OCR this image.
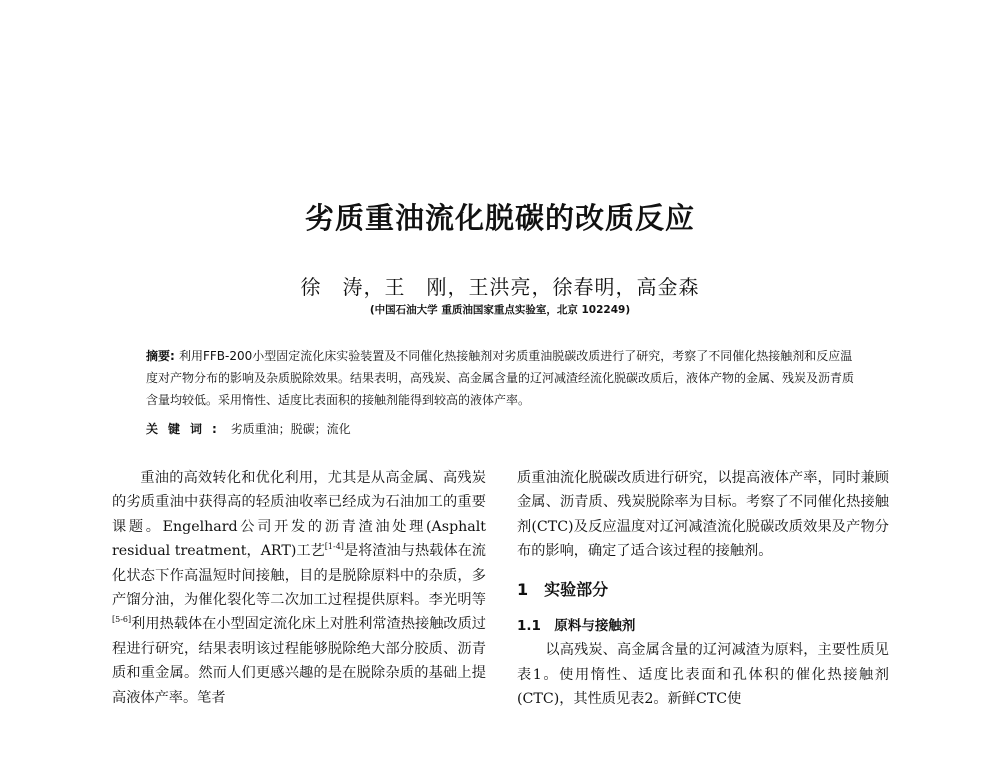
劣质重油流化脱碳的改质反应
徐　涛，王　刚，王洪亮，徐春明，高金森
(中国石油大学 重质油国家重点实验室，北京 102249)
摘要: 利用FFB-200小型固定流化床实验装置及不同催化热接触剂对劣质重油脱碳改质进行了研究，考察了不同催化热接触剂和反应温度对产物分布的影响及杂质脱除效果。结果表明，高残炭、高金属含量的辽河减渣经流化脱碳改质后，液体产物的金属、残炭及沥青质含量均较低。采用惰性、适度比表面积的接触剂能得到较高的液体产率。
关键词: 劣质重油；脱碳；流化

重油的高效转化和优化利用，尤其是从高金属、高残炭的劣质重油中获得高的轻质油收率已经成为石油加工的重要课题。Engelhard公司开发的沥青渣油处理(Asphalt residual treatment，ART)工艺[1-4]是将渣油与热载体在流化状态下作高温短时间接触，目的是脱除原料中的杂质，多产馏分油，为催化裂化等二次加工过程提供原料。李光明等[5-6]利用热载体在小型固定流化床上对胜利常渣热接触改质过程进行研究，结果表明该过程能够脱除绝大部分胶质、沥青质和重金属。然而人们更感兴趣的是在脱除杂质的基础上提高液体产率。笔者

质重油流化脱碳改质进行研究，以提高液体产率，同时兼顾金属、沥青质、残炭脱除率为目标。考察了不同催化热接触剂(CTC)及反应温度对辽河减渣流化脱碳改质效果及产物分布的影响，确定了适合该过程的接触剂。

1　实验部分
1.1　原料与接触剂

以高残炭、高金属含量的辽河减渣为原料，主要性质见表1。使用惰性、适度比表面和孔体积的催化热接触剂(CTC)，其性质见表2。新鲜CTC使
